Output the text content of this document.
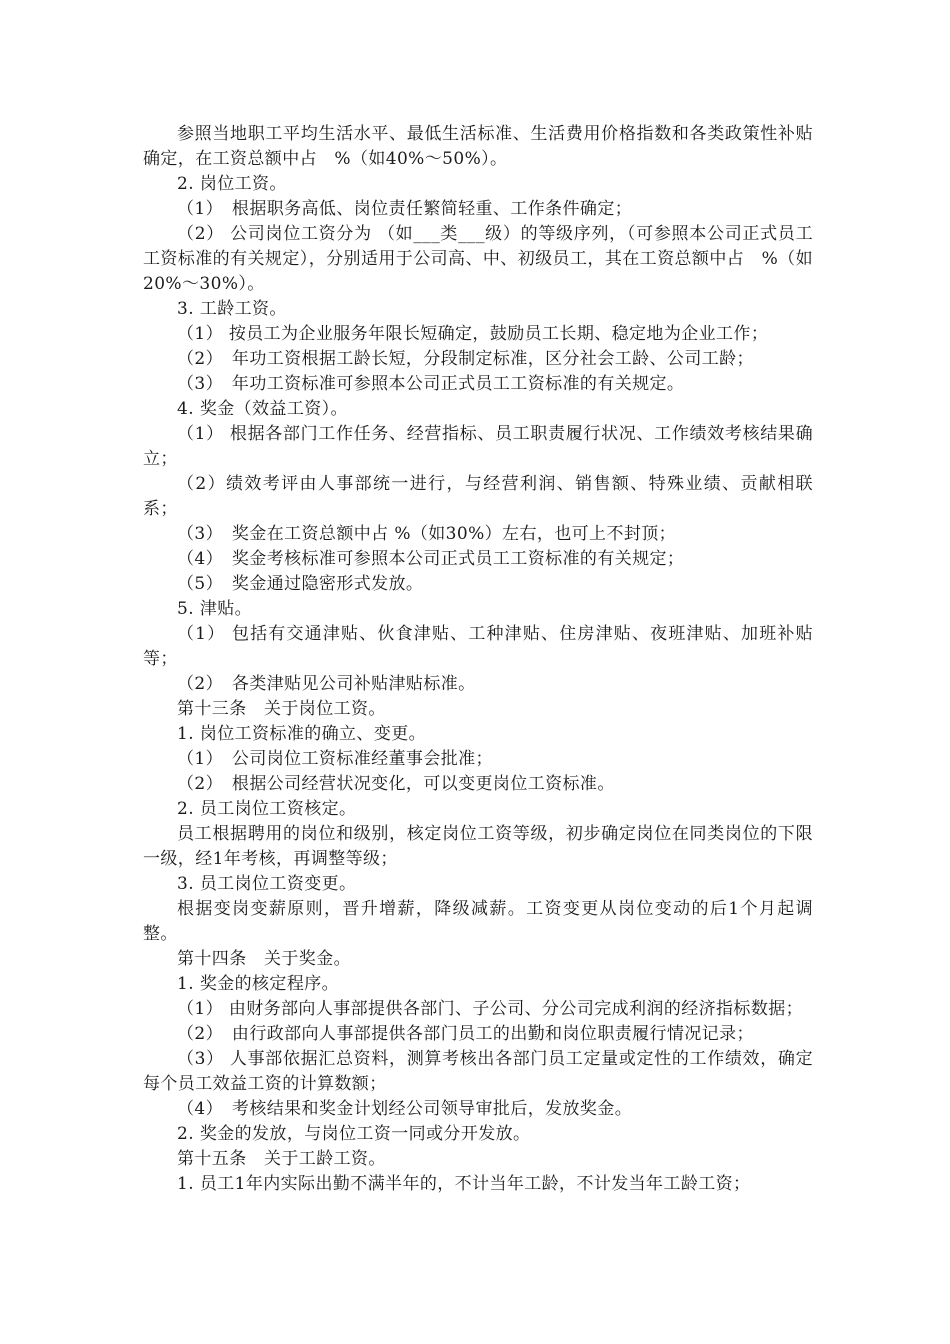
参照当地职工平均生活水平、最低生活标准、生活费用价格指数和各类政策性补贴确定，在工资总额中占　%（如40%～50%）。

2. 岗位工资。

（1）　根据职务高低、岗位责任繁简轻重、工作条件确定；

（2） 公司岗位工资分为 （如___类___级）的等级序列，（可参照本公司正式员工工资标准的有关规定），分别适用于公司高、中、初级员工，其在工资总额中占　%（如20%～30%）。

3. 工龄工资。

（1） 按员工为企业服务年限长短确定，鼓励员工长期、稳定地为企业工作；

（2）　年功工资根据工龄长短，分段制定标准，区分社会工龄、公司工龄；

（3）　年功工资标准可参照本公司正式员工工资标准的有关规定。

4. 奖金（效益工资）。

（1） 根据各部门工作任务、经营指标、员工职责履行状况、工作绩效考核结果确立；

（2）绩效考评由人事部统一进行，与经营利润、销售额、特殊业绩、贡献相联系；

（3）　奖金在工资总额中占 %（如30%）左右，也可上不封顶；

（4）　奖金考核标准可参照本公司正式员工工资标准的有关规定；

（5）　奖金通过隐密形式发放。

5. 津贴。

（1） 包括有交通津贴、伙食津贴、工种津贴、住房津贴、夜班津贴、加班补贴等；

（2）　各类津贴见公司补贴津贴标准。

第十三条　关于岗位工资。

1. 岗位工资标准的确立、变更。

（1）　公司岗位工资标准经董事会批准；

（2）　根据公司经营状况变化，可以变更岗位工资标准。

2. 员工岗位工资核定。

员工根据聘用的岗位和级别，核定岗位工资等级，初步确定岗位在同类岗位的下限一级，经1年考核，再调整等级；

3. 员工岗位工资变更。

根据变岗变薪原则，晋升增薪，降级减薪。工资变更从岗位变动的后1个月起调整。

第十四条　关于奖金。

1. 奖金的核定程序。

（1） 由财务部向人事部提供各部门、子公司、分公司完成利润的经济指标数据；

（2）　由行政部向人事部提供各部门员工的出勤和岗位职责履行情况记录；

（3） 人事部依据汇总资料，测算考核出各部门员工定量或定性的工作绩效，确定每个员工效益工资的计算数额；

（4）　考核结果和奖金计划经公司领导审批后，发放奖金。

2. 奖金的发放，与岗位工资一同或分开发放。

第十五条　关于工龄工资。

1. 员工1年内实际出勤不满半年的，不计当年工龄，不计发当年工龄工资；
